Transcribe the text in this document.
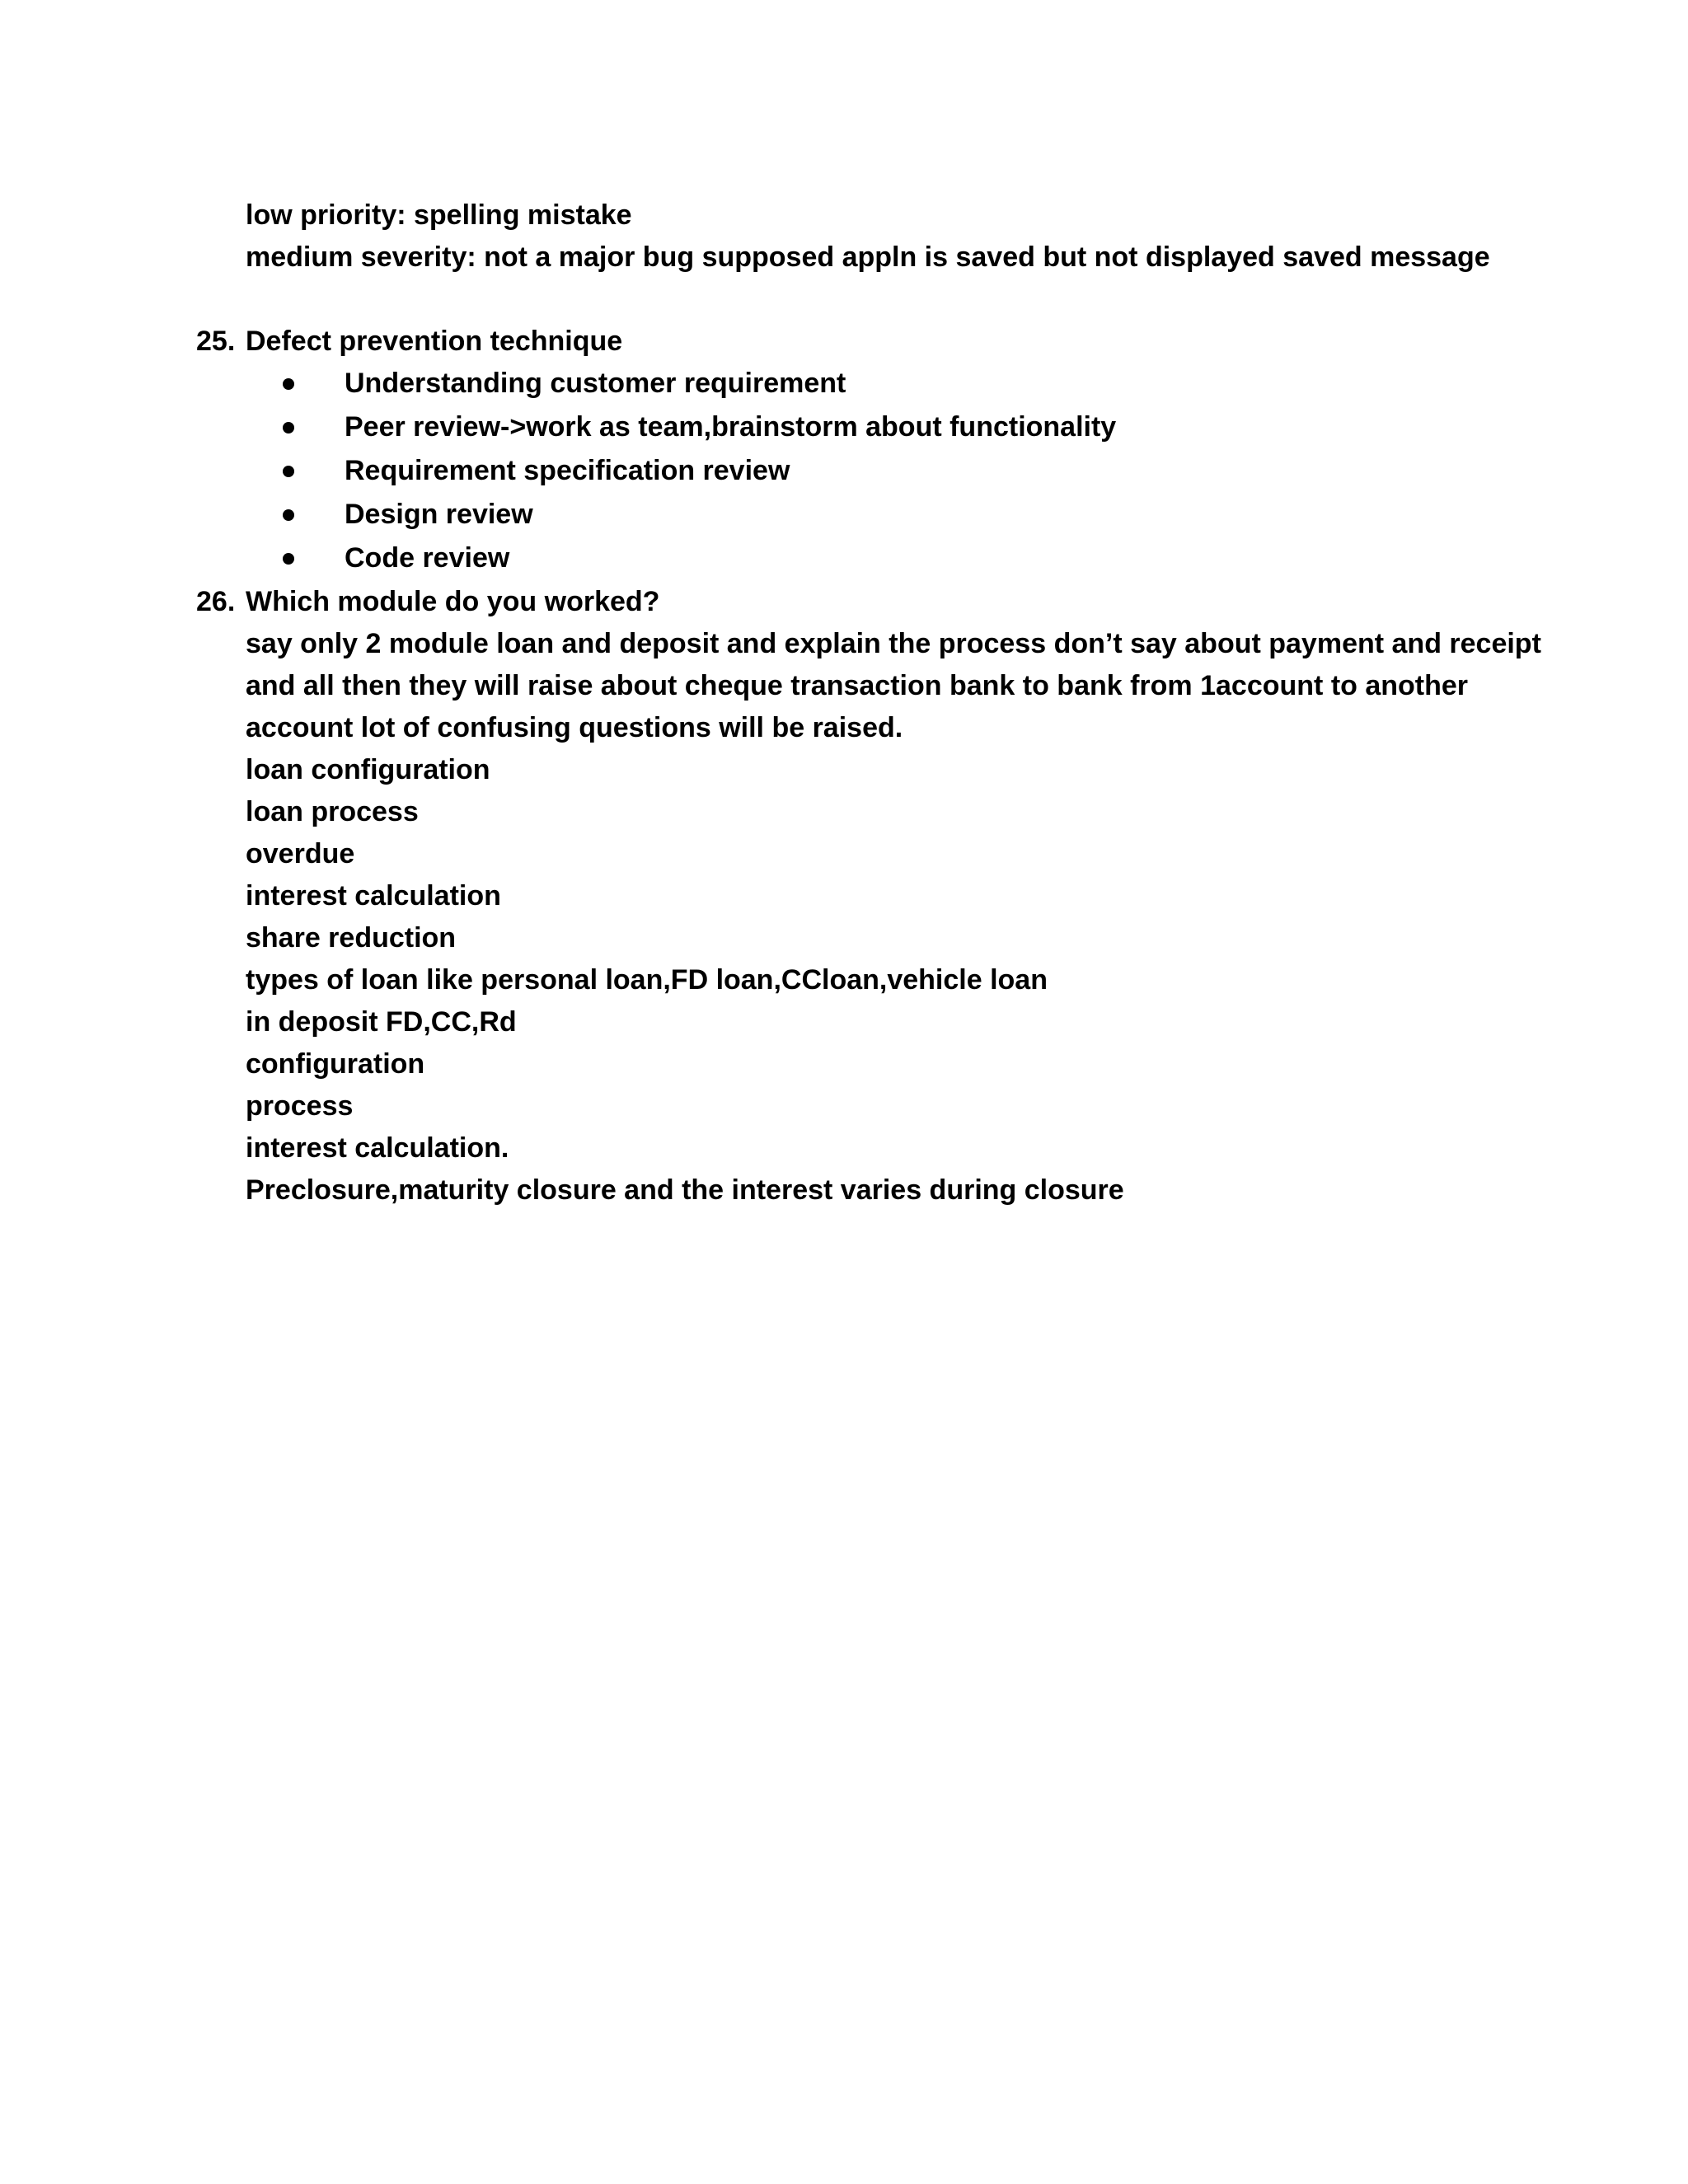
low priority: spelling mistake
medium severity: not a major bug supposed appln is saved but not displayed saved message
25. Defect prevention technique
Understanding customer requirement
Peer review->work as team,brainstorm about functionality
Requirement specification review
Design review
Code review
26. Which module do you worked?
say only 2 module loan and deposit and explain the process don’t say about payment and receipt
and all then they will raise about cheque transaction bank to bank from 1account to another
account lot of confusing questions will be raised.
loan configuration
loan process
overdue
interest calculation
share reduction
types of loan like personal loan,FD loan,CCloan,vehicle loan
in deposit FD,CC,Rd
configuration
process
interest calculation.
Preclosure,maturity closure and the interest varies during closure
